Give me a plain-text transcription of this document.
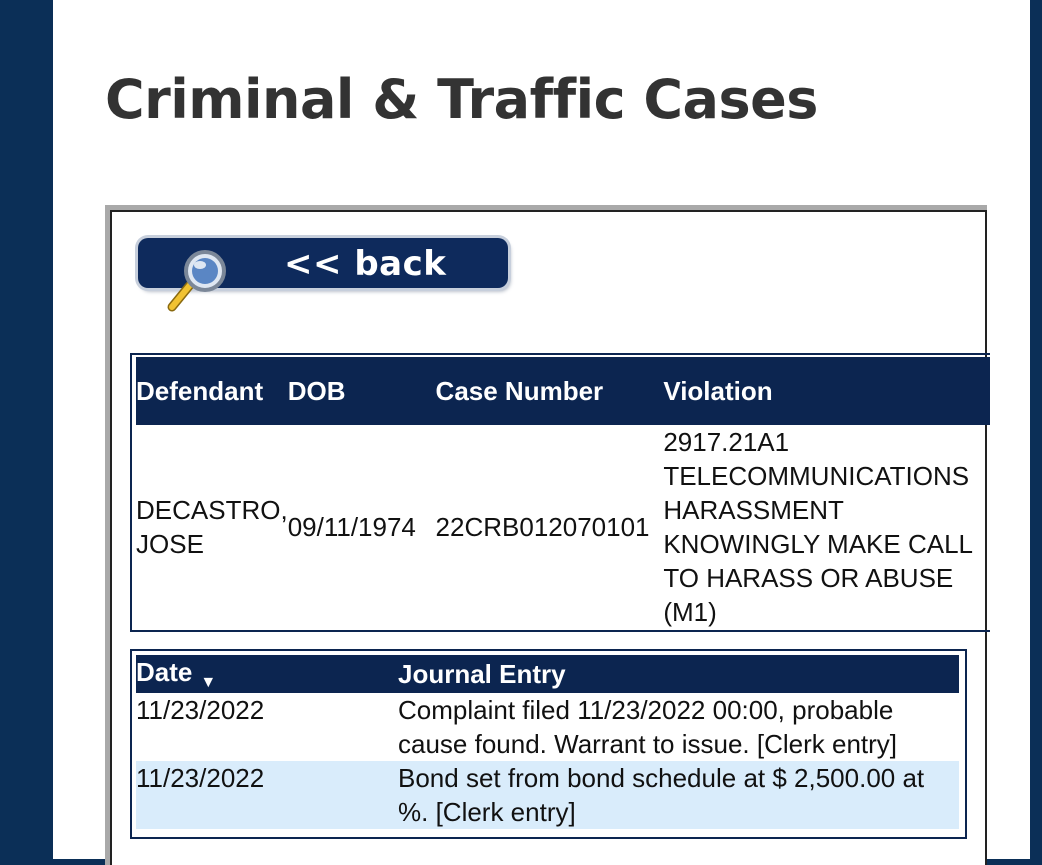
Criminal & Traffic Cases
<< back
Defendant	DOB	Case Number	Violation
DECASTRO, JOSE	09/11/1974	22CRB012070101	2917.21A1 TELECOMMUNICATIONS HARASSMENT KNOWINGLY MAKE CALL TO HARASS OR ABUSE (M1)
Date ▼	Journal Entry
11/23/2022	Complaint filed 11/23/2022 00:00, probable cause found. Warrant to issue. [Clerk entry]
11/23/2022	Bond set from bond schedule at $ 2,500.00 at %. [Clerk entry]
